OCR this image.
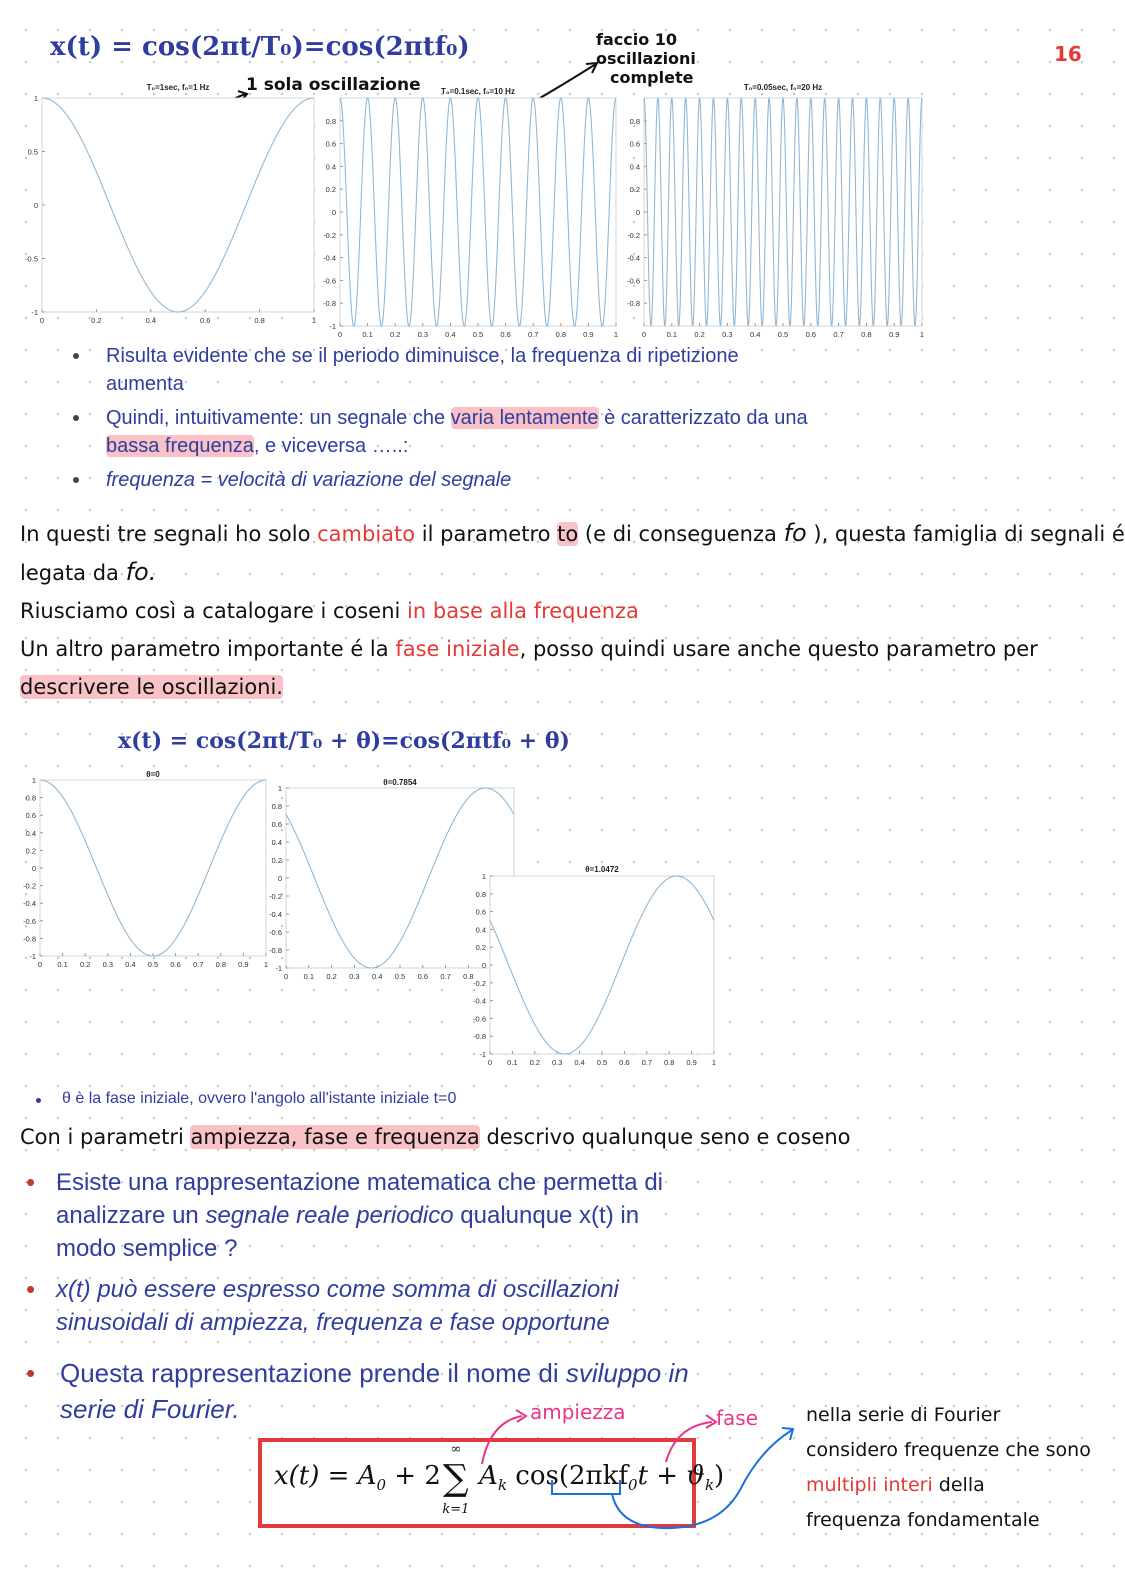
16
x(t) = cos(2πt/T₀)=cos(2πtf₀)	faccio 10
oscillazioni
complete
1 sola oscillazione
T₀=1sec, f₀=1 Hz
1
0.5
0
-0.5
-1
0	0.2	0.4	0.6	0.8	1
T₀=0.1sec, f₀=10 Hz
0.8
0.6
0.4
0.2
0
-0.2
-0.4
-0.6
-0.8
-1
0	0.1 0.2 0.3 0.4 0.5 0.6 0.7 0.8 0.9	1
T₀=0.05sec, f₀=20 Hz
0.8
0.6
0.4
0.2
0
-0.2
-0.4
-0.6
-0.8
0	0.1 0.2 0.3 0.4 0.5 0.6 0.7 0.8 0.9	1
Risulta evidente che se il periodo diminuisce, la frequenza di ripetizione
aumenta
Quindi, intuitivamente: un segnale che varia lentamente è caratterizzato da una
bassa frequenza, e viceversa …..:
frequenza = velocità di variazione del segnale
In questi tre segnali ho solo cambiato il parametro to (e di conseguenza fo ), questa famiglia di segnali é
legata da fo.
Riusciamo così a catalogare i coseni in base alla frequenza
Un altro parametro importante é la fase iniziale, posso quindi usare anche questo parametro per
descrivere le oscillazioni.
x(t) = cos(2πt/T₀ + θ)=cos(2πtf₀ + θ)
θ=0
1
0.8
0.6
0.4
0.2
0
-0.2
-0.4
-0.6
-0.8
-1
0 0.1 0.2 0.3 0.4 0.5 0.6 0.7 0.8 0.9 1
θ=0.7854
1
0.8
0.6
0.4
0.2
0
-0.2
-0.4
-0.6
-0.8
-1
0 0.1 0.2 0.3 0.4 0.5 0.6 0.7 0.8
θ=1.0472
1
0.8
0.6
0.4
0.2
0
-0.2
-0.4
-0.6
-0.8
-1
0 0.1 0.2 0.3 0.4 0.5 0.6 0.7 0.8 0.9 1
θ è la fase iniziale, ovvero l'angolo all'istante iniziale t=0
Con i parametri ampiezza, fase e frequenza descrivo qualunque seno e coseno
• Esiste una rappresentazione matematica che permetta di
analizzare un segnale reale periodico qualunque x(t) in
modo semplice ?
• x(t) può essere espresso come somma di oscillazioni
sinusoidali di ampiezza, frequenza e fase opportune
• Questa rappresentazione prende il nome di sviluppo in
serie di Fourier.
$x(t) = A_0 + 2\sum$
∞
k=1
$A_k$ $\cos(2\pi kf_0t + ϑ_k)$
ampiezza	fase	nella serie di Fourier
considero frequenze che sono
multipli interi della
frequenza fondamentale
